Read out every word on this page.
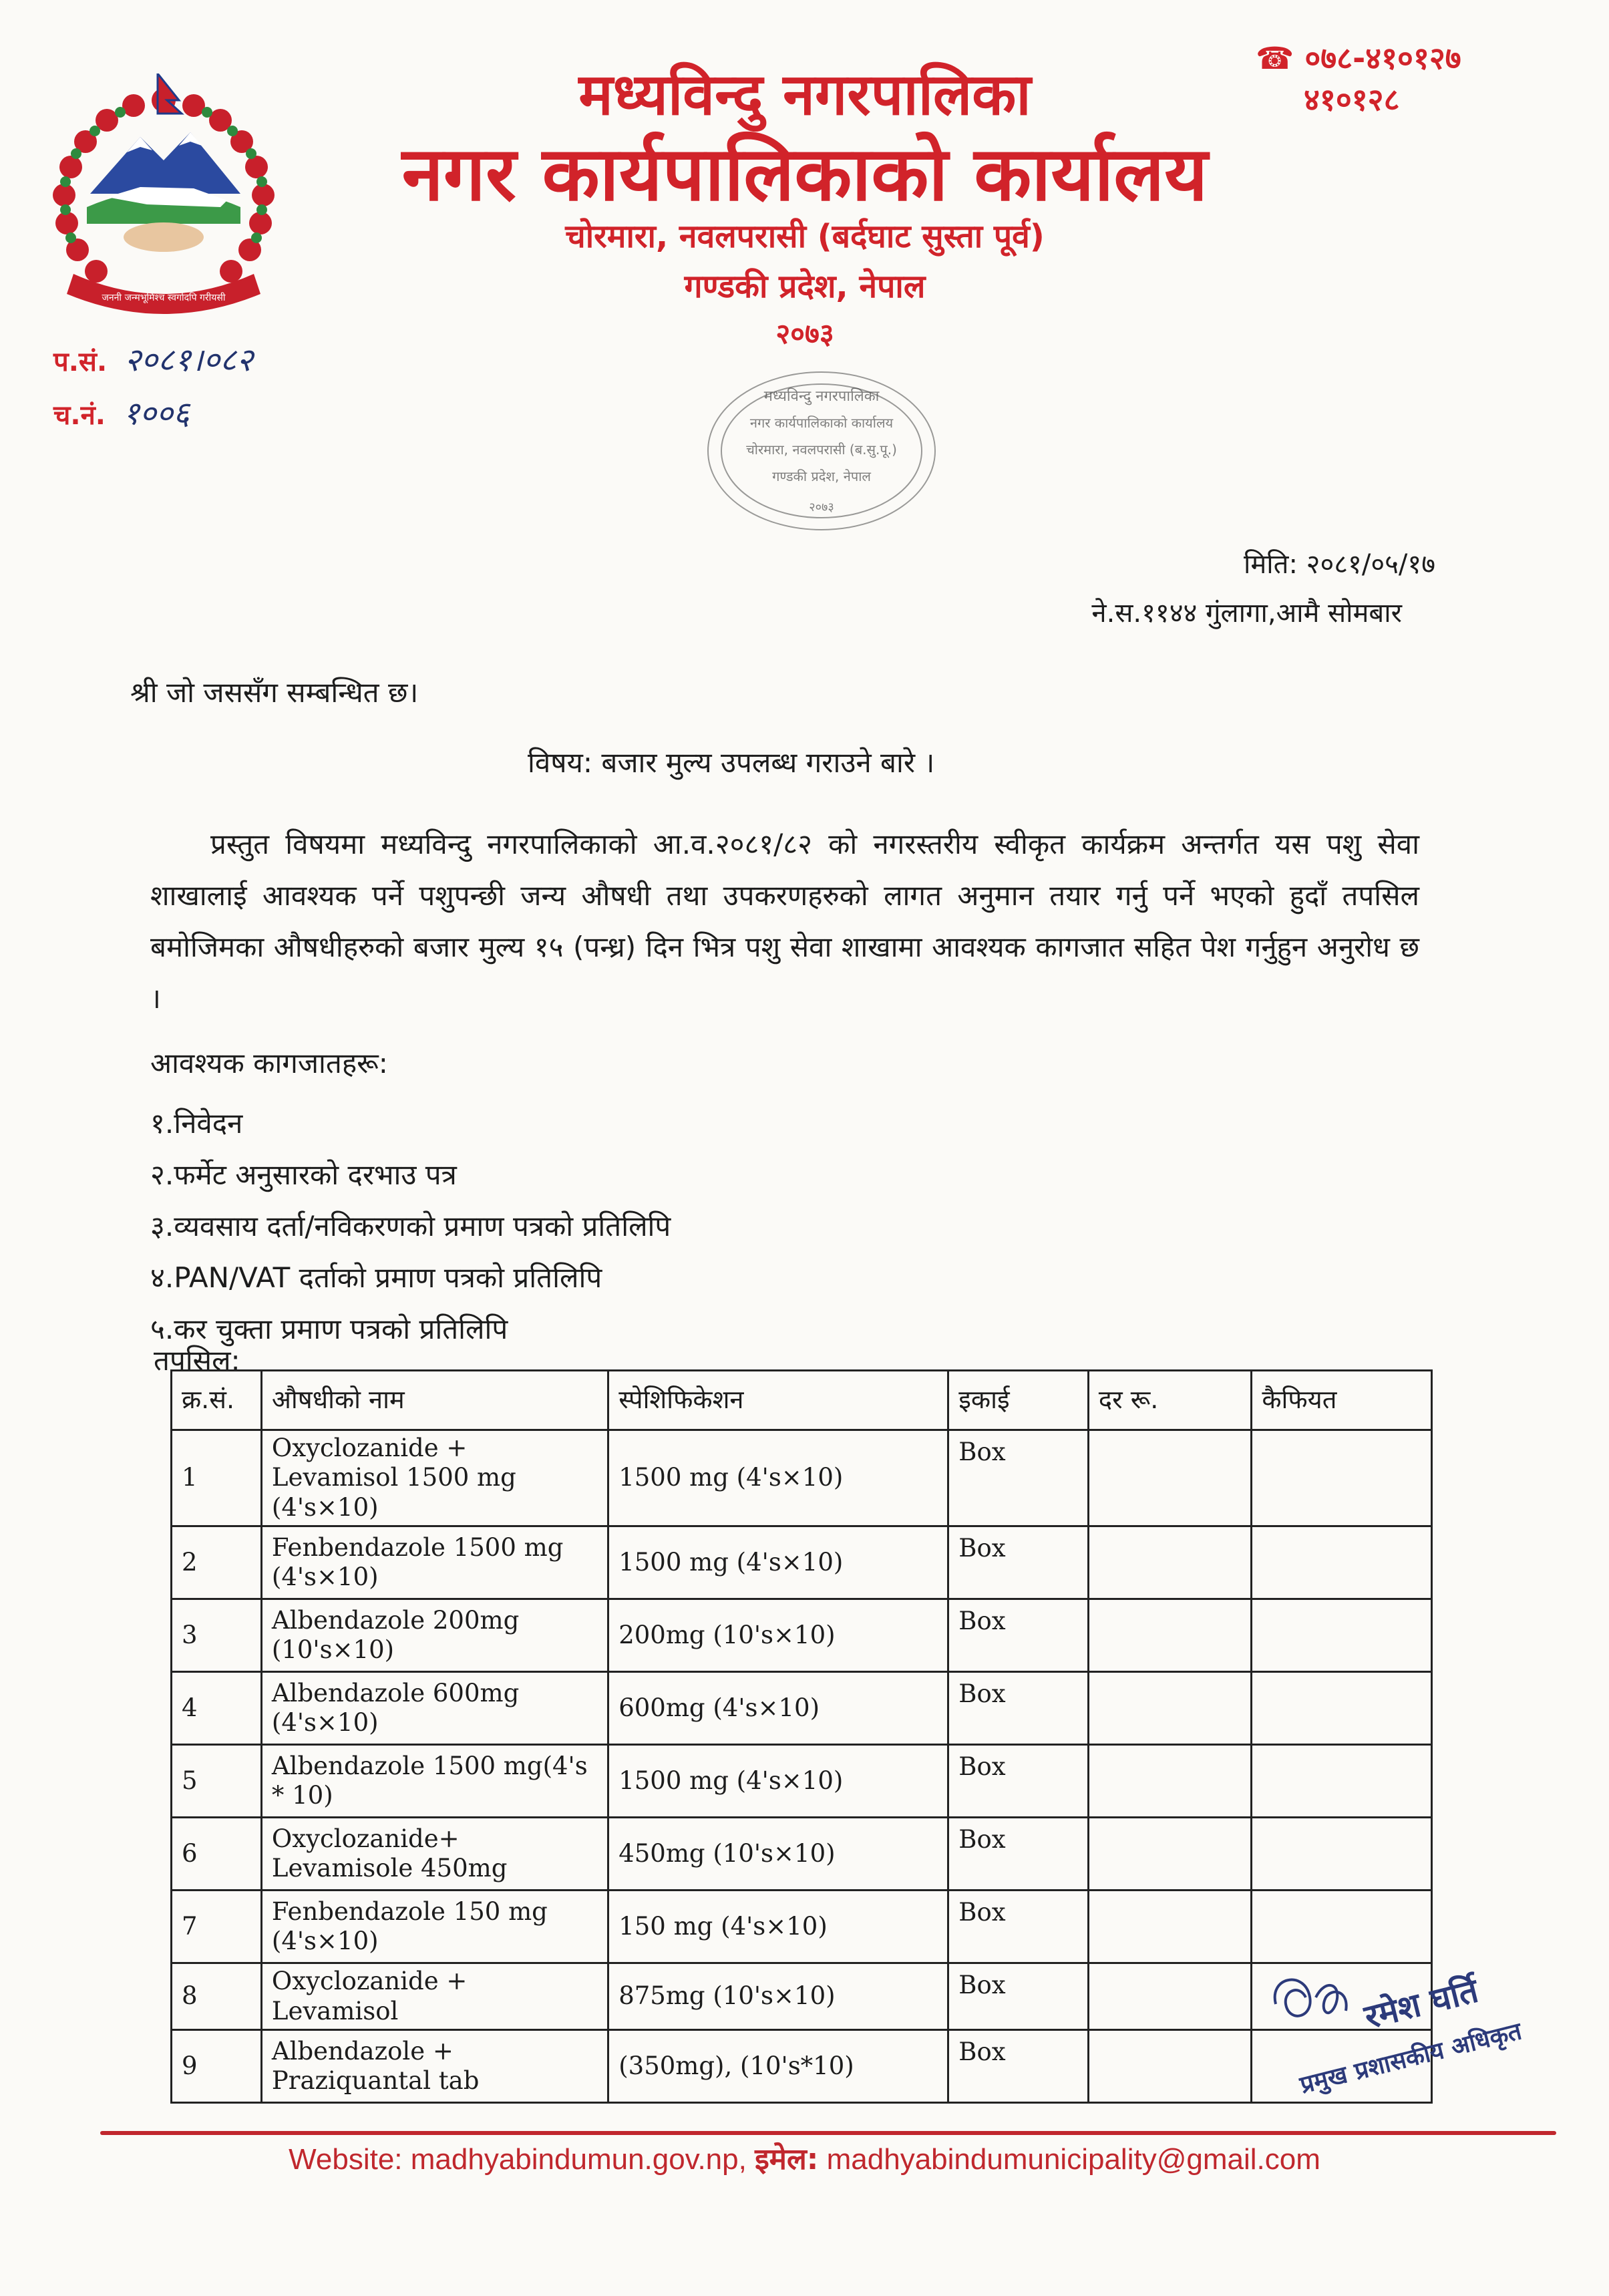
जननी जन्मभूमिश्च स्वर्गादपि गरीयसी
मध्यविन्दु नगरपालिका
नगर कार्यपालिकाको कार्यालय
चोरमारा, नवलपरासी (बर्दघाट सुस्ता पूर्व)
गण्डकी प्रदेश, नेपाल
२०७३
☎ ०७८-४१०१२७
४१०१२८
प.सं. २०८१।०८२
च.नं. १००६	मध्यविन्दु नगरपालिका
नगर कार्यपालिकाको कार्यालय
चोरमारा, नवलपरासी (ब.सु.पू.)
गण्डकी प्रदेश, नेपाल
२०७३
मिति: २०८१/०५/१७
ने.स.११४४ गुंलागा,आमै सोमबार
श्री जो जससँग सम्बन्धित छ।
विषय: बजार मुल्य उपलब्ध गराउने बारे ।
प्रस्तुत विषयमा मध्यविन्दु नगरपालिकाको आ.व.२०८१/८२ को नगरस्तरीय स्वीकृत कार्यक्रम अन्तर्गत यस पशु सेवा शाखालाई आवश्यक पर्ने पशुपन्छी जन्य औषधी तथा उपकरणहरुको लागत अनुमान तयार गर्नु पर्ने भएको हुदाँ तपसिल बमोजिमका औषधीहरुको बजार मुल्य १५ (पन्ध्र) दिन भित्र पशु सेवा शाखामा आवश्यक कागजात सहित पेश गर्नुहुन अनुरोध छ ।
आवश्यक कागजातहरू:
१.निवेदन
२.फर्मेट अनुसारको दरभाउ पत्र
३.व्यवसाय दर्ता/नविकरणको प्रमाण पत्रको प्रतिलिपि
४.PAN/VAT दर्ताको प्रमाण पत्रको प्रतिलिपि
५.कर चुक्ता प्रमाण पत्रको प्रतिलिपि
तपसिल:
क्र.सं.	औषधीको नाम	स्पेशिफिकेशन	इकाई	दर रू.	कैफियत
1	Oxyclozanide + Levamisol 1500 mg (4's×10)	1500 mg (4's×10)	Box		
2	Fenbendazole 1500 mg (4's×10)	1500 mg (4's×10)	Box		
3	Albendazole 200mg (10's×10)	200mg (10's×10)	Box		
4	Albendazole 600mg (4's×10)	600mg (4's×10)	Box		
5	Albendazole 1500 mg(4's * 10)	1500 mg (4's×10)	Box		
6	Oxyclozanide+ Levamisole 450mg	450mg (10's×10)	Box		
7	Fenbendazole 150 mg (4's×10)	150 mg (4's×10)	Box		
8	Oxyclozanide + Levamisol	875mg (10's×10)	Box		
9	Albendazole + Praziquantal tab	(350mg), (10's*10)	Box		
रमेश घर्ति
प्रमुख प्रशासकीय अधिकृत
Website: madhyabindumun.gov.np, इमेल: madhyabindumunicipality@gmail.com
